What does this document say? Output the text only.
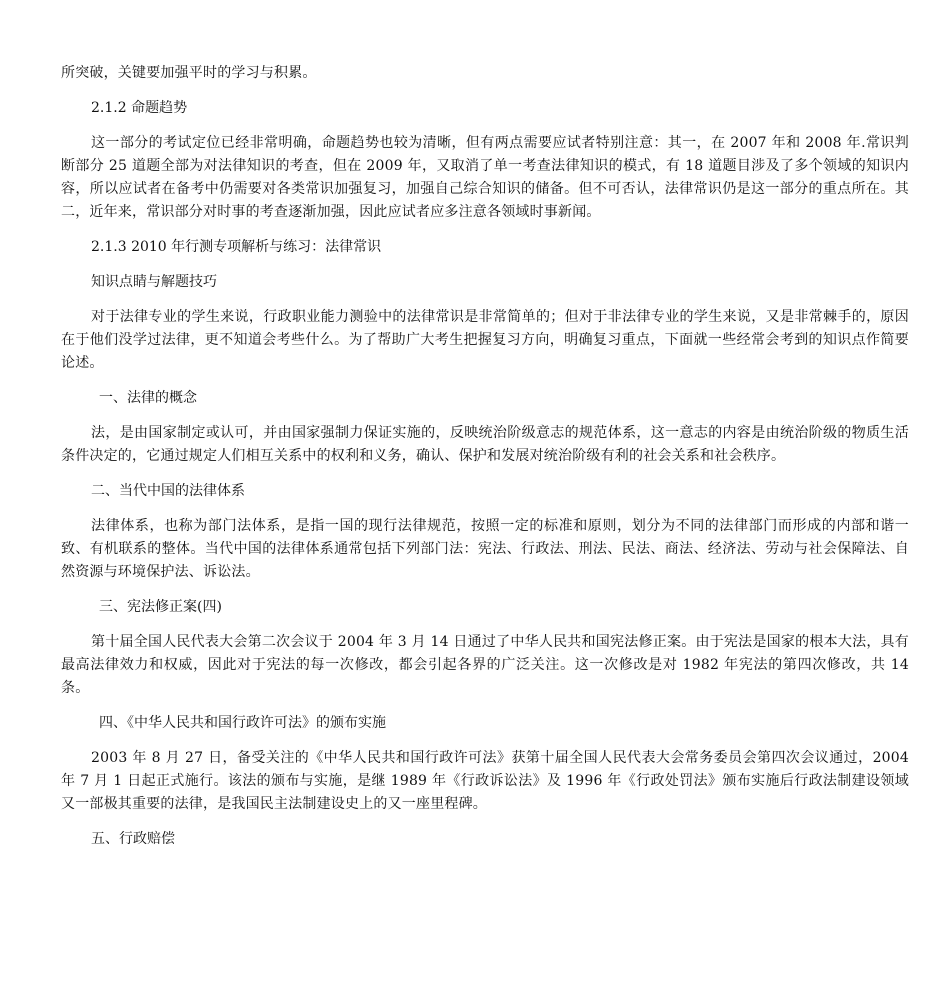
所突破，关键要加强平时的学习与积累。

2.1.2 命题趋势

这一部分的考试定位已经非常明确，命题趋势也较为清晰，但有两点需要应试者特别注意：其一，在 2007 年和 2008 年.常识判断部分 25 道题全部为对法律知识的考查，但在 2009 年，又取消了单一考查法律知识的模式，有 18 道题目涉及了多个领域的知识内容，所以应试者在备考中仍需要对各类常识加强复习，加强自己综合知识的储备。但不可否认，法律常识仍是这一部分的重点所在。其二，近年来，常识部分对时事的考查逐渐加强，因此应试者应多注意各领域时事新闻。

2.1.3 2010 年行测专项解析与练习：法律常识

知识点睛与解题技巧

对于法律专业的学生来说，行政职业能力测验中的法律常识是非常简单的；但对于非法律专业的学生来说，又是非常棘手的，原因在于他们没学过法律，更不知道会考些什么。为了帮助广大考生把握复习方向，明确复习重点，下面就一些经常会考到的知识点作简要论述。

一、法律的概念

法，是由国家制定或认可，并由国家强制力保证实施的，反映统治阶级意志的规范体系，这一意志的内容是由统治阶级的物质生活条件决定的，它通过规定人们相互关系中的权利和义务，确认、保护和发展对统治阶级有利的社会关系和社会秩序。

二、当代中国的法律体系

法律体系，也称为部门法体系，是指一国的现行法律规范，按照一定的标准和原则，划分为不同的法律部门而形成的内部和谐一致、有机联系的整体。当代中国的法律体系通常包括下列部门法：宪法、行政法、刑法、民法、商法、经济法、劳动与社会保障法、自然资源与环境保护法、诉讼法。

三、宪法修正案(四)

第十届全国人民代表大会第二次会议于 2004 年 3 月 14 日通过了中华人民共和国宪法修正案。由于宪法是国家的根本大法，具有最高法律效力和权威，因此对于宪法的每一次修改，都会引起各界的广泛关注。这一次修改是对 1982 年宪法的第四次修改，共 14 条。

四、《中华人民共和国行政许可法》的颁布实施

2003 年 8 月 27 日，备受关注的《中华人民共和国行政许可法》获第十届全国人民代表大会常务委员会第四次会议通过，2004 年 7 月 1 日起正式施行。该法的颁布与实施，是继 1989 年《行政诉讼法》及 1996 年《行政处罚法》颁布实施后行政法制建设领域又一部极其重要的法律，是我国民主法制建设史上的又一座里程碑。

五、行政赔偿
